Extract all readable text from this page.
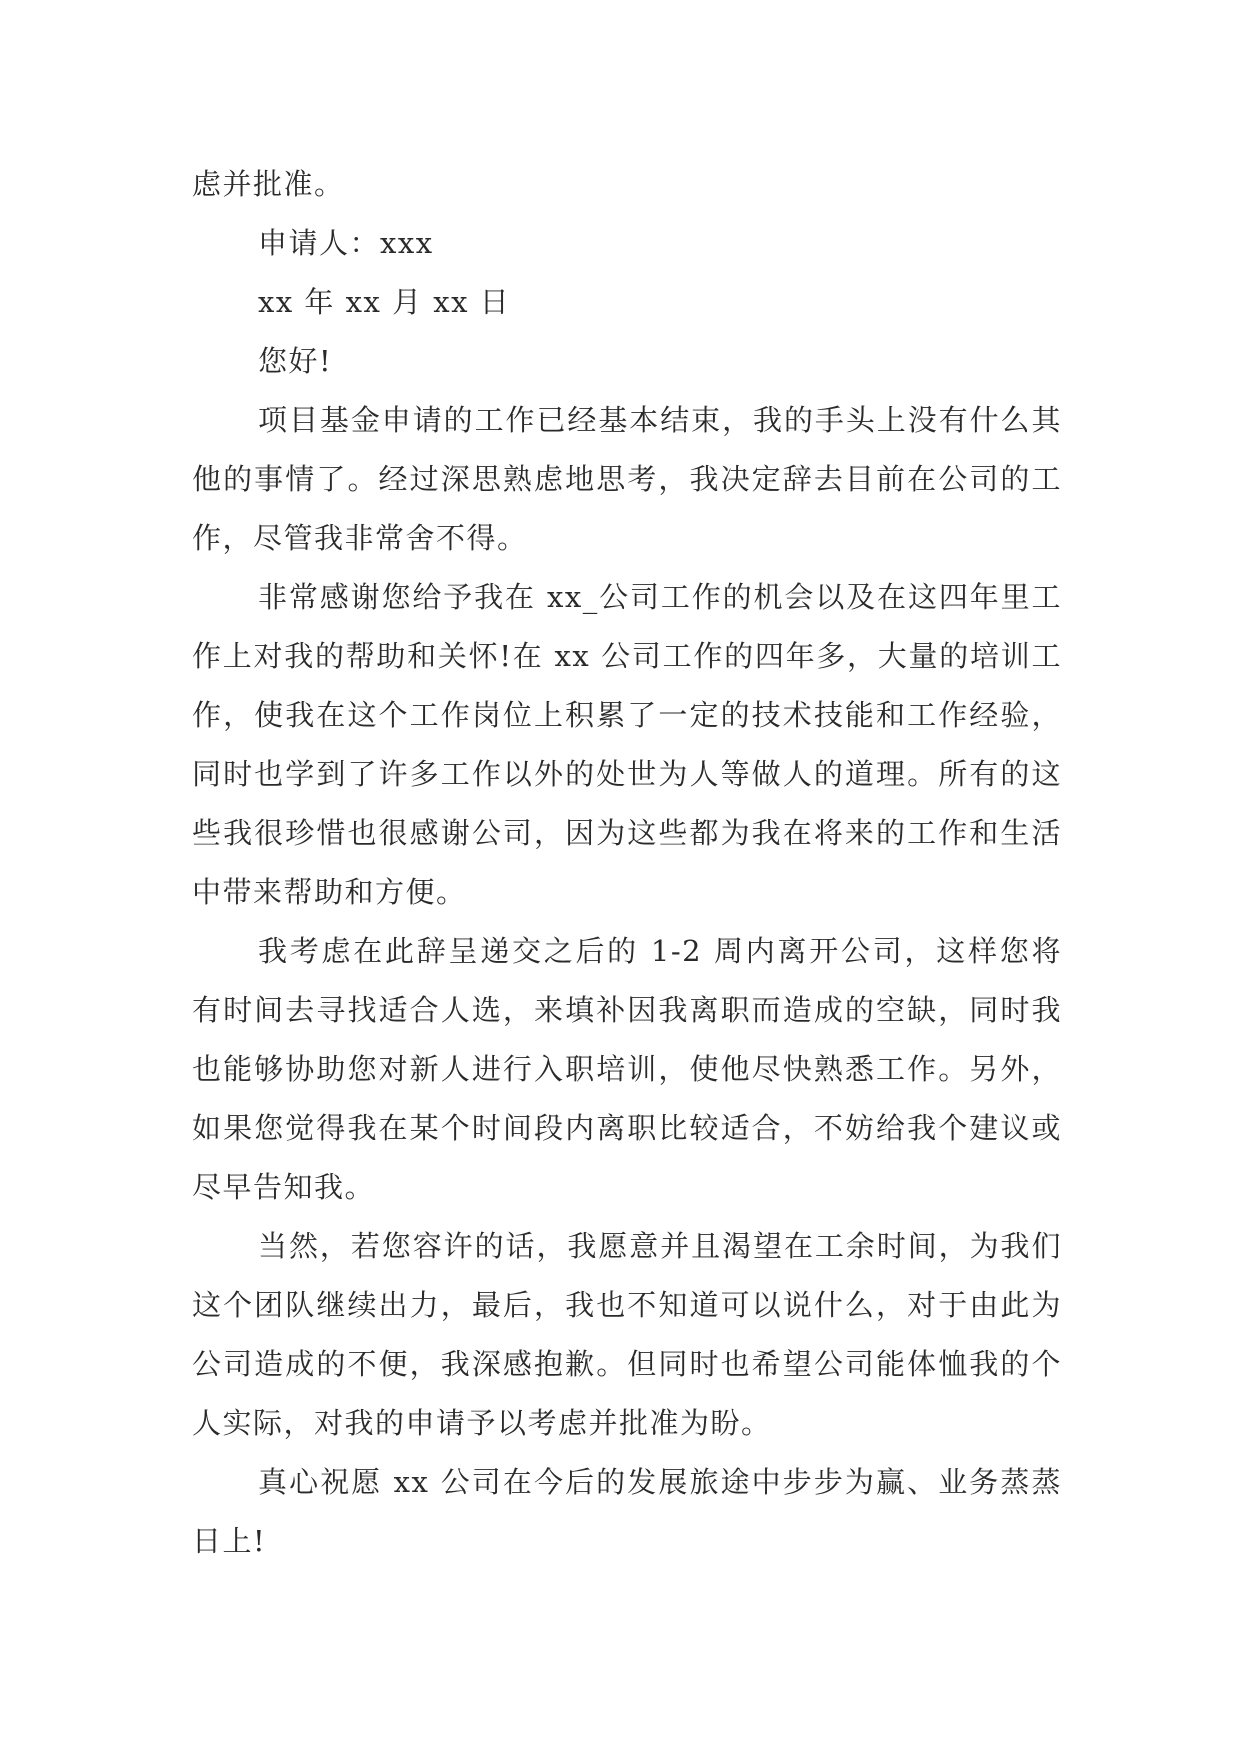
虑并批准。

申请人：xxx

xx 年 xx 月 xx 日

您好!

项目基金申请的工作已经基本结束，我的手头上没有什么其他的事情了。经过深思熟虑地思考，我决定辞去目前在公司的工作，尽管我非常舍不得。

非常感谢您给予我在 xx_公司工作的机会以及在这四年里工作上对我的帮助和关怀!在 xx 公司工作的四年多，大量的培训工作，使我在这个工作岗位上积累了一定的技术技能和工作经验，同时也学到了许多工作以外的处世为人等做人的道理。所有的这些我很珍惜也很感谢公司，因为这些都为我在将来的工作和生活中带来帮助和方便。

我考虑在此辞呈递交之后的 1-2 周内离开公司，这样您将有时间去寻找适合人选，来填补因我离职而造成的空缺，同时我也能够协助您对新人进行入职培训，使他尽快熟悉工作。另外，如果您觉得我在某个时间段内离职比较适合，不妨给我个建议或尽早告知我。

当然，若您容许的话，我愿意并且渴望在工余时间，为我们这个团队继续出力，最后，我也不知道可以说什么，对于由此为公司造成的不便，我深感抱歉。但同时也希望公司能体恤我的个人实际，对我的申请予以考虑并批准为盼。

真心祝愿 xx 公司在今后的发展旅途中步步为赢、业务蒸蒸日上!
